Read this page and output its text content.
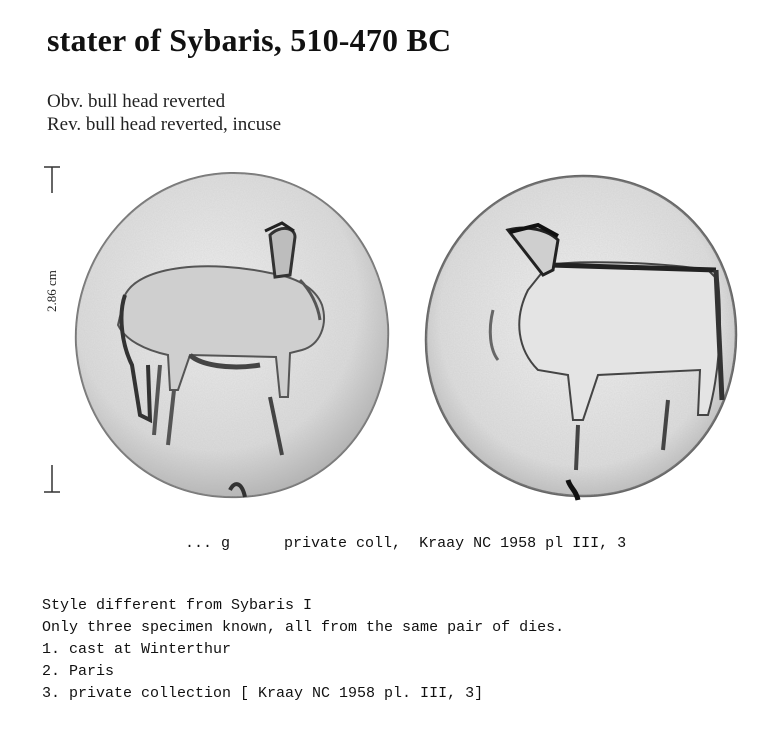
stater of Sybaris, 510-470 BC
Obv. bull head reverted
Rev. bull head reverted, incuse
2.86 cm
... g	private coll, Kraay NC 1958 pl III, 3
Style different from Sybaris I
Only three specimen known, all from the same pair of dies.
1. cast at Winterthur
2. Paris
3. private collection [ Kraay NC 1958 pl. III, 3]
